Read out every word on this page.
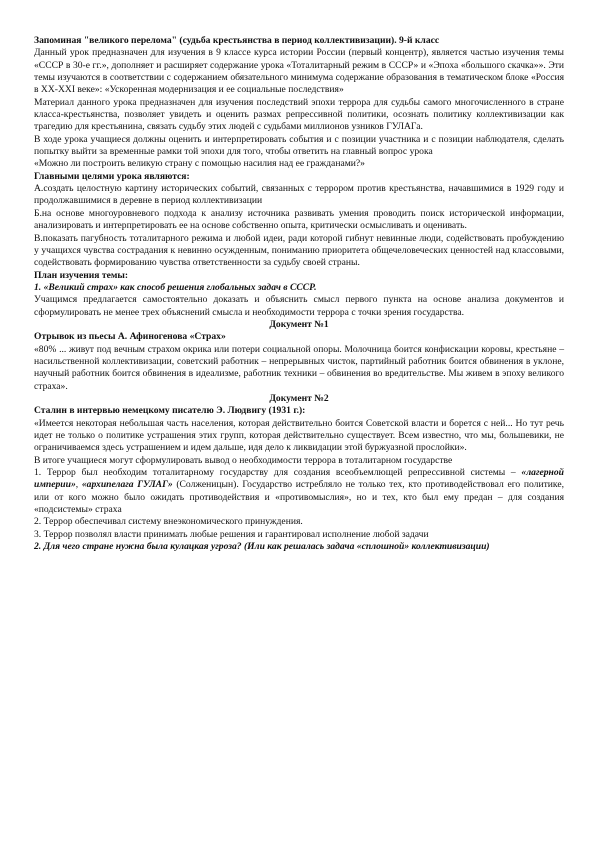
Запоминая "великого перелома" (судьба крестьянства в период коллективизации). 9-й класс

Данный урок предназначен для изучения в 9 классе курса истории России (первый концентр), является частью изучения темы «СССР в 30-е гг.», дополняет и расширяет содержание урока «Тоталитарный режим в СССР» и «Эпоха «большого скачка»». Эти темы изучаются в соответствии с содержанием обязательного минимума содержание образования в тематическом блоке «Россия в XX-XXI веке»: «Ускоренная модернизация и ее социальные последствия»

Материал данного урока предназначен для изучения последствий эпохи террора для судьбы самого многочисленного в стране класса-крестьянства, позволяет увидеть и оценить размах репрессивной политики, осознать политику коллективизации как трагедию для крестьянина, связать судьбу этих людей с судьбами миллионов узников ГУЛАГа.

В ходе урока учащиеся должны оценить и интерпретировать события и с позиции участника и с позиции наблюдателя, сделать попытку выйти за временные рамки той эпохи для того, чтобы ответить на главный вопрос урока

«Можно ли построить великую страну с помощью насилия над ее гражданами?»

Главными целями урока являются:

А.создать целостную картину исторических событий, связанных с террором против крестьянства, начавшимися в 1929 году и продолжавшимися в деревне в период коллективизации

Б.на основе многоуровневого подхода к анализу источника развивать умения проводить поиск исторической информации, анализировать и интерпретировать ее на основе собственно опыта, критически осмысливать и оценивать.

В.показать пагубность тоталитарного режима и любой идеи, ради которой гибнут невинные люди, содействовать пробуждению у учащихся чувства сострадания к невинно осужденным, пониманию приоритета общечеловеческих ценностей над классовыми, содействовать формированию чувства ответственности за судьбу своей страны.

План изучения темы:

1. «Великий страх» как способ решения глобальных задач в СССР.

Учащимся предлагается самостоятельно доказать и объяснить смысл первого пункта на основе анализа документов и сформулировать не менее трех объяснений смысла и необходимости террора с точки зрения государства.

Документ №1

Отрывок из пьесы А. Афиногенова «Страх»

«80% ... живут под вечным страхом окрика или потери социальной опоры. Молочница боится конфискации коровы, крестьяне – насильственной коллективизации, советский работник – непрерывных чисток, партийный работник боится обвинения в уклоне, научный работник боится обвинения в идеализме, работник техники – обвинения во вредительстве. Мы живем в эпоху великого страха».

Документ №2

Сталин в интервью немецкому писателю Э. Людвигу (1931 г.):

«Имеется некоторая небольшая часть населения, которая действительно боится Советской власти и борется с ней... Но тут речь идет не только о политике устрашения этих групп, которая действительно существует. Всем известно, что мы, большевики, не ограничиваемся здесь устрашением и идем дальше, идя дело к ликвидации этой буржуазной прослойки».

В итоге учащиеся могут сформулировать вывод о необходимости террора в тоталитарном государстве

1. Террор был необходим тоталитарному государству для создания всеобъемлющей репрессивной системы – «лагерной империи», «архипелага ГУЛАГ» (Солженицын). Государство истребляло не только тех, кто противодействовал его политике, или от кого можно было ожидать противодействия и «противомыслия», но и тех, кто был ему предан – для создания «подсистемы» страха

2. Террор обеспечивал систему внеэкономического принуждения.

3. Террор позволял власти принимать любые решения и гарантировал исполнение любой задачи

2. Для чего стране нужна была кулацкая угроза? (Или как решалась задача «сплошной» коллективизации)
